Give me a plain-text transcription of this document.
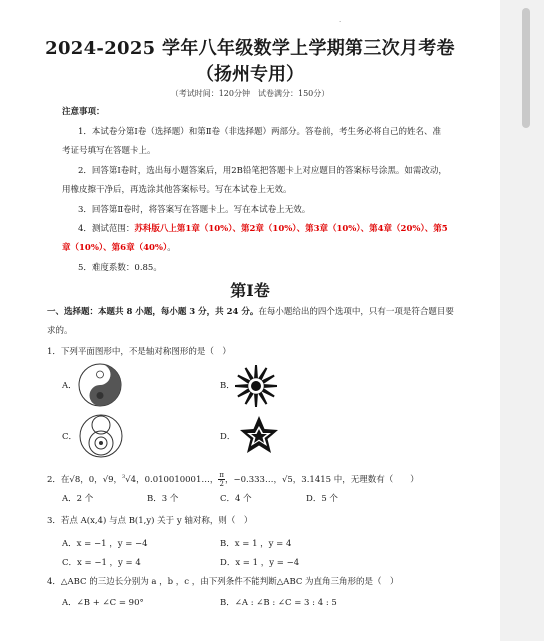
·
2024-2025 学年八年级数学上学期第三次月考卷
（扬州专用）
（考试时间：120分钟　试卷满分：150分）
注意事项：
1．本试卷分第Ⅰ卷（选择题）和第Ⅱ卷（非选择题）两部分。答卷前，考生务必将自己的姓名、准
考证号填写在答题卡上。
2．回答第Ⅰ卷时，选出每小题答案后，用2B铅笔把答题卡上对应题目的答案标号涂黑。如需改动，
用橡皮擦干净后，再选涂其他答案标号。写在本试卷上无效。
3．回答第Ⅱ卷时，将答案写在答题卡上。写在本试卷上无效。
4．测试范围：苏科版八上第1章（10%）、第2章（10%）、第3章（10%）、第4章（20%）、第5
章（10%）、第6章（40%）。
5．难度系数：0.85。
第Ⅰ卷
一、选择题：本题共 8 小题，每小题 3 分，共 24 分。在每小题给出的四个选项中，只有一项是符合题目要
求的。
1．下列平面图形中，不是轴对称图形的是（　）
A．	B．
C．	D．
2．在√8，0，√9，$^3$√4，0.010010001…， $\frac{\pi}{2}$ ，−0.333…，√5，3.1415 中，无理数有（　　）
A．2 个	B．3 个	C．4 个	D．5 个
3．若点 A(x,4) 与点 B(1,y) 关于 y 轴对称，则（　）
A．x = −1 ，y = −4	B．x = 1 ，y = 4
C．x = −1 ，y = 4	D．x = 1 ，y = −4
4．△ABC 的三边长分别为 a ，b ，c ，由下列条件不能判断△ABC 为直角三角形的是（　）
A．∠B + ∠C = 90°	B．∠A : ∠B : ∠C = 3 : 4 : 5
